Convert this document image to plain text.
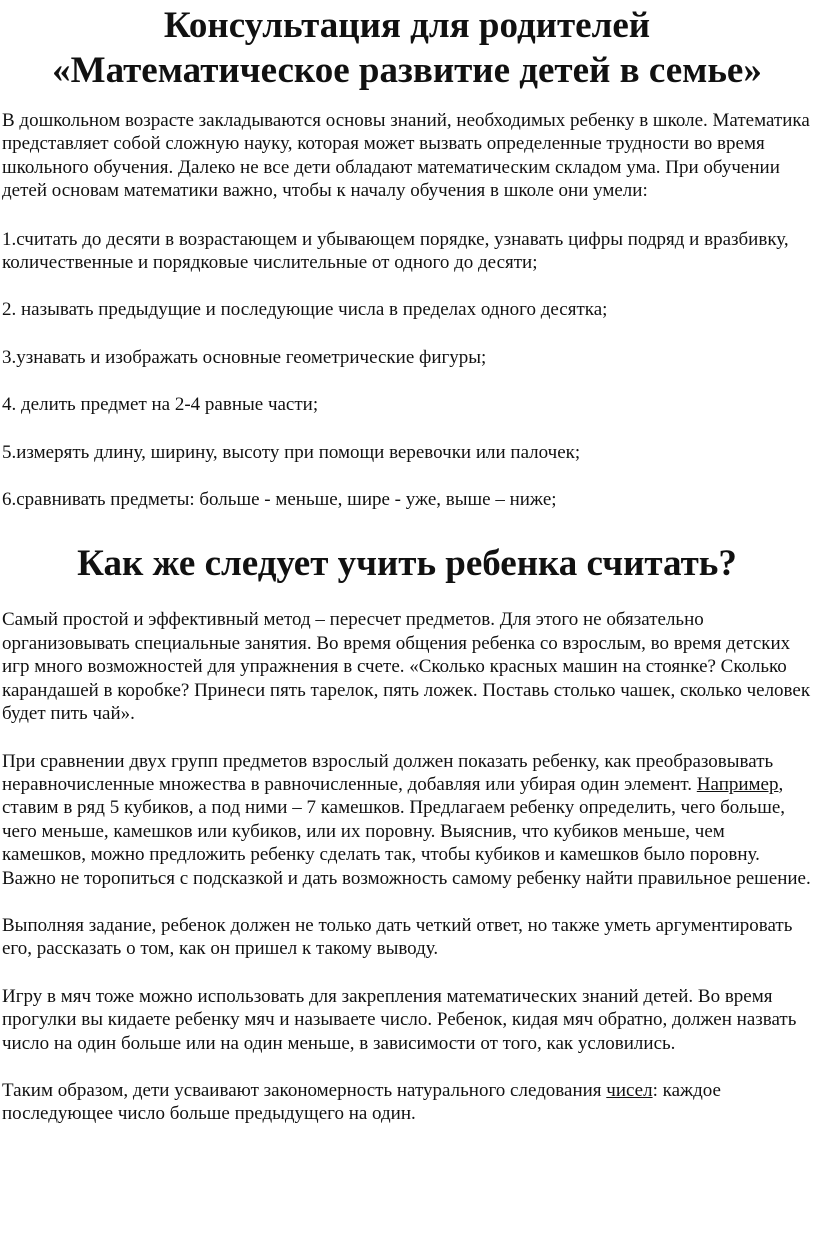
Консультация для родителей
«Математическое развитие детей в семье»

В дошкольном возрасте закладываются основы знаний, необходимых ребенку в школе. Математика представляет собой сложную науку, которая может вызвать определенные трудности во время школьного обучения. Далеко не все дети обладают математическим складом ума. При обучении детей основам математики важно, чтобы к началу обучения в школе они умели:

1.считать до десяти в возрастающем и убывающем порядке, узнавать цифры подряд и вразбивку, количественные и порядковые числительные от одного до десяти;

2. называть предыдущие и последующие числа в пределах одного десятка;

3.узнавать и изображать основные геометрические фигуры;

4. делить предмет на 2-4 равные части;

5.измерять длину, ширину, высоту при помощи веревочки или палочек;

6.сравнивать предметы: больше - меньше, шире - уже, выше – ниже;

Как же следует учить ребенка считать?

Самый простой и эффективный метод – пересчет предметов. Для этого не обязательно организовывать специальные занятия. Во время общения ребенка со взрослым, во время детских игр много возможностей для упражнения в счете. «Сколько красных машин на стоянке? Сколько карандашей в коробке? Принеси пять тарелок, пять ложек. Поставь столько чашек, сколько человек будет пить чай».

При сравнении двух групп предметов взрослый должен показать ребенку, как преобразовывать неравночисленные множества в равночисленные, добавляя или убирая один элемент. Например, ставим в ряд 5 кубиков, а под ними – 7 камешков. Предлагаем ребенку определить, чего больше, чего меньше, камешков или кубиков, или их поровну. Выяснив, что кубиков меньше, чем камешков, можно предложить ребенку сделать так, чтобы кубиков и камешков было поровну. Важно не торопиться с подсказкой и дать возможность самому ребенку найти правильное решение.

Выполняя задание, ребенок должен не только дать четкий ответ, но также уметь аргументировать его, рассказать о том, как он пришел к такому выводу.

Игру в мяч тоже можно использовать для закрепления математических знаний детей. Во время прогулки вы кидаете ребенку мяч и называете число. Ребенок, кидая мяч обратно, должен назвать число на один больше или на один меньше, в зависимости от того, как условились.

Таким образом, дети усваивают закономерность натурального следования чисел: каждое последующее число больше предыдущего на один.
